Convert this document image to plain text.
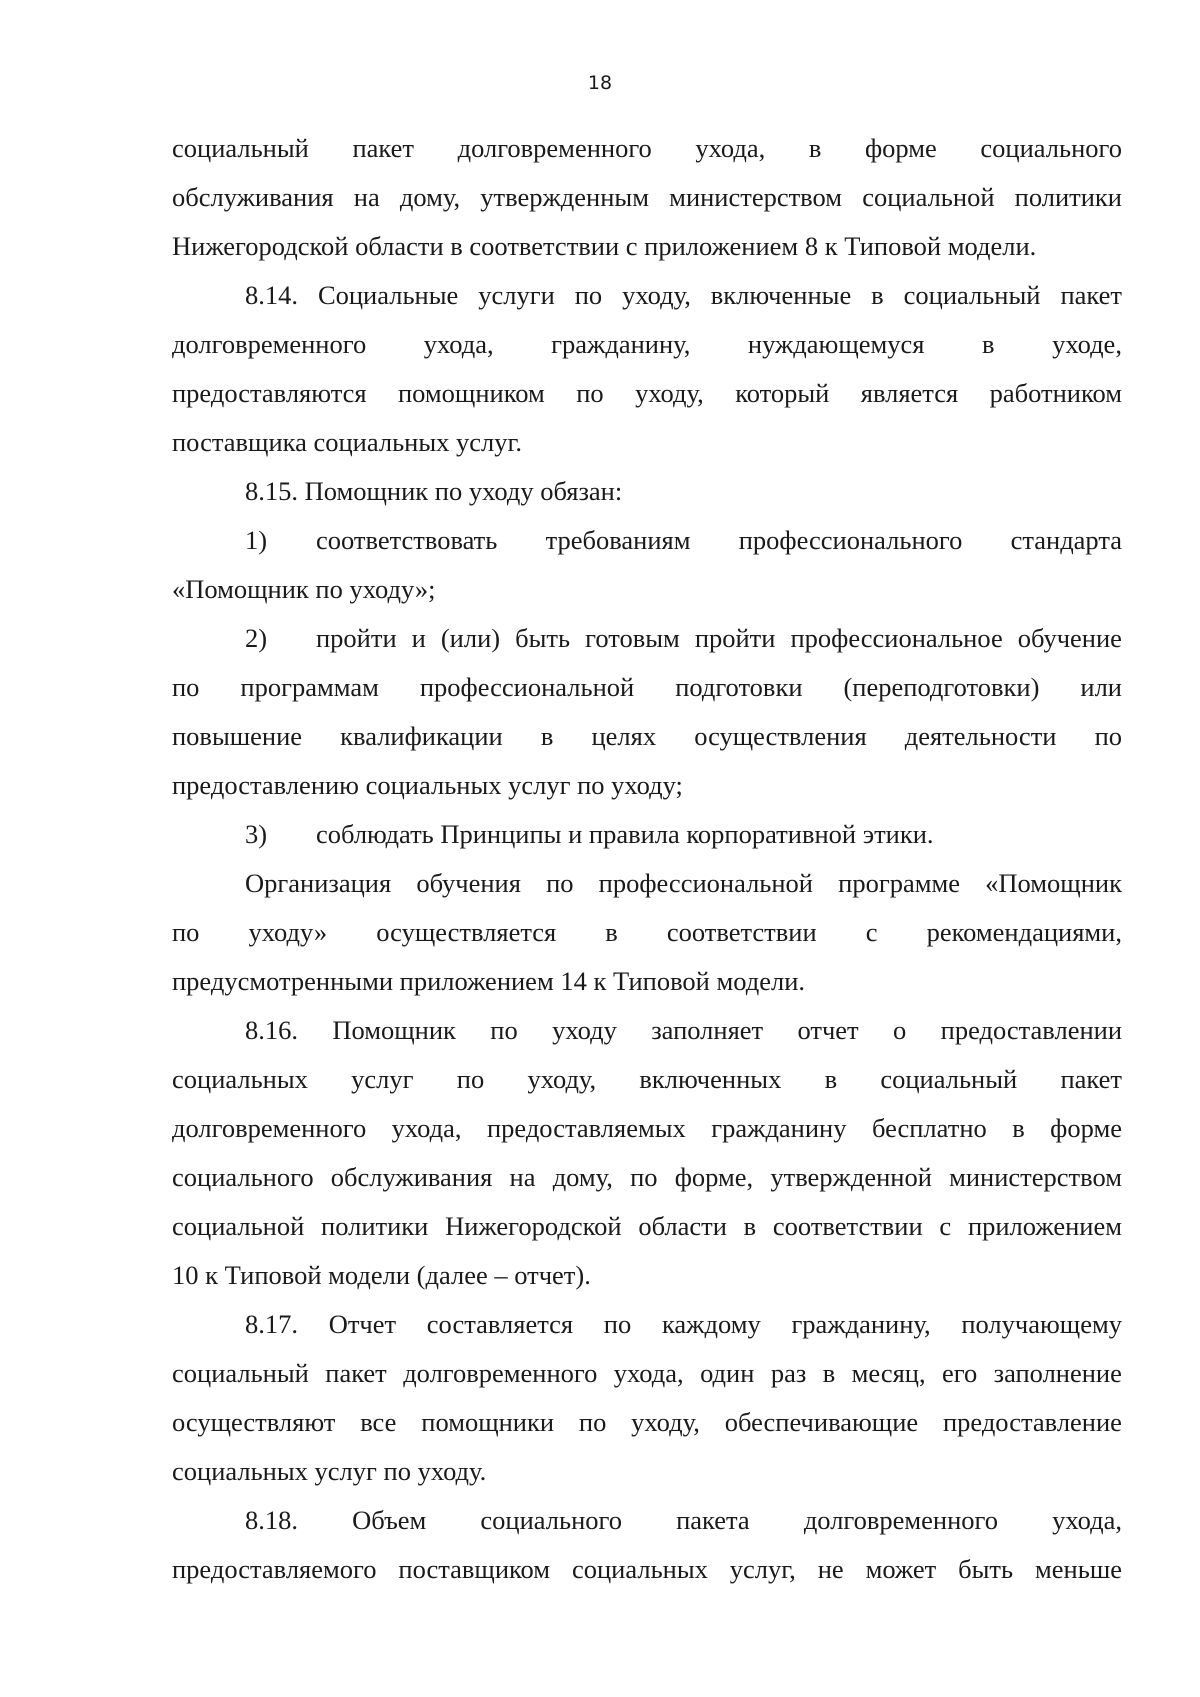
18
социальный пакет долговременного ухода, в форме социального
обслуживания на дому, утвержденным министерством социальной политики
Нижегородской области в соответствии с приложением 8 к Типовой модели.
8.14. Социальные услуги по уходу, включенные в социальный пакет
долговременного ухода, гражданину, нуждающемуся в уходе,
предоставляются помощником по уходу, который является работником
поставщика социальных услуг.
8.15. Помощник по уходу обязан:
1)	соответствовать требованиям профессионального стандарта
«Помощник по уходу»;
2)	пройти и (или) быть готовым пройти профессиональное обучение
по программам профессиональной подготовки (переподготовки) или
повышение квалификации в целях осуществления деятельности по
предоставлению социальных услуг по уходу;
3)	соблюдать Принципы и правила корпоративной этики.
Организация обучения по профессиональной программе «Помощник
по уходу» осуществляется в соответствии с рекомендациями,
предусмотренными приложением 14 к Типовой модели.
8.16. Помощник по уходу заполняет отчет о предоставлении
социальных услуг по уходу, включенных в социальный пакет
долговременного ухода, предоставляемых гражданину бесплатно в форме
социального обслуживания на дому, по форме, утвержденной министерством
социальной политики Нижегородской области в соответствии с приложением
10 к Типовой модели (далее – отчет).
8.17. Отчет составляется по каждому гражданину, получающему
социальный пакет долговременного ухода, один раз в месяц, его заполнение
осуществляют все помощники по уходу, обеспечивающие предоставление
социальных услуг по уходу.
8.18. Объем социального пакета долговременного ухода,
предоставляемого поставщиком социальных услуг, не может быть меньше
